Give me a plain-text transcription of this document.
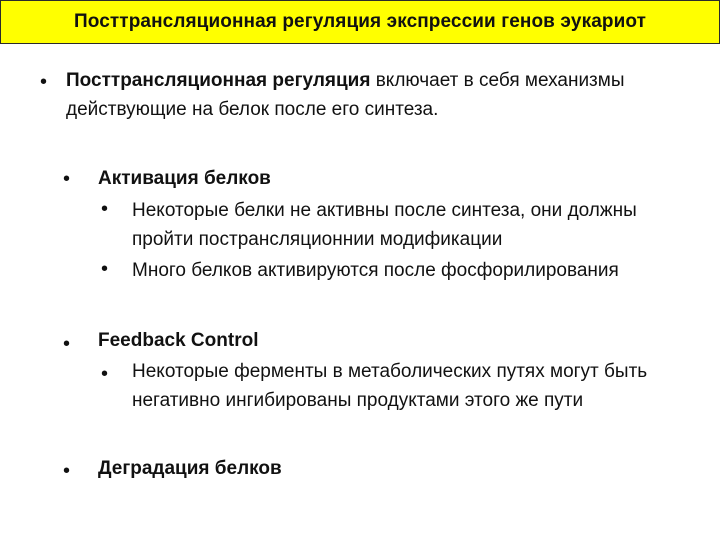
Посттрансляционная регуляция экспрессии генов эукариот
• Посттрансляционная регуляция включает в себя механизмы действующие на белок после его синтеза.
• Активация белков
• Некоторые белки не активны после синтеза, они должны пройти постранcляционнии модификации
• Много белков активируются после фосфорилирования
• Feedback Control
• Некоторые ферменты в метаболических путях могут быть негативно ингибированы продуктами этого же пути
• Деградация белков
